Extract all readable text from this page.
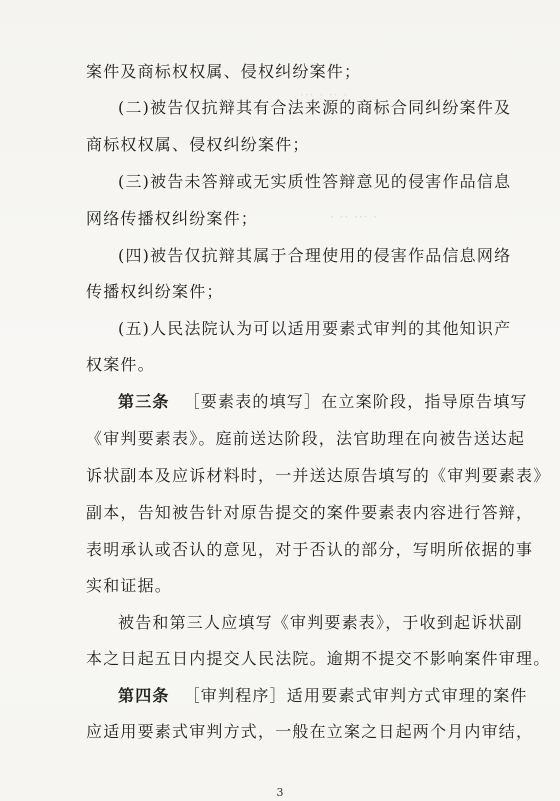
··· · ·· ·
· ·· ··· ·
案件及商标权权属、侵权纠纷案件；
(二)被告仅抗辩其有合法来源的商标合同纠纷案件及
商标权权属、侵权纠纷案件；
(三)被告未答辩或无实质性答辩意见的侵害作品信息
网络传播权纠纷案件；
(四)被告仅抗辩其属于合理使用的侵害作品信息网络
传播权纠纷案件；
(五)人民法院认为可以适用要素式审判的其他知识产
权案件。
第三条 ［要素表的填写］在立案阶段，指导原告填写
《审判要素表》。庭前送达阶段，法官助理在向被告送达起
诉状副本及应诉材料时，一并送达原告填写的《审判要素表》
副本，告知被告针对原告提交的案件要素表内容进行答辩，
表明承认或否认的意见，对于否认的部分，写明所依据的事
实和证据。
被告和第三人应填写《审判要素表》，于收到起诉状副
本之日起五日内提交人民法院。逾期不提交不影响案件审理。
第四条 ［审判程序］适用要素式审判方式审理的案件
应适用要素式审判方式，一般在立案之日起两个月内审结，
3
